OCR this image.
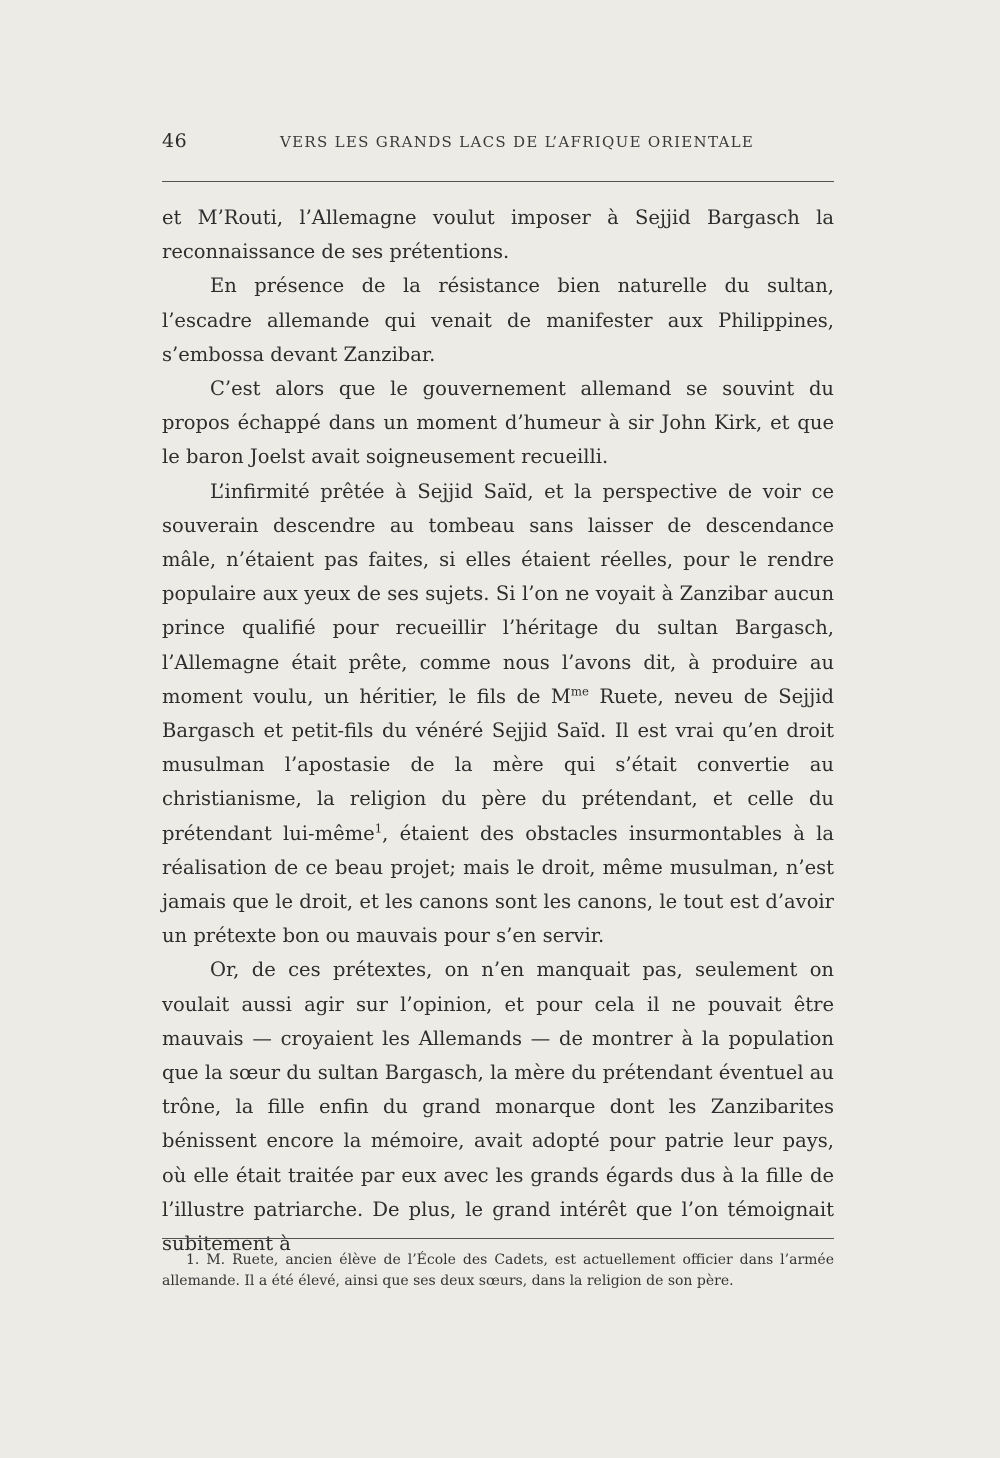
46	VERS LES GRANDS LACS DE L’AFRIQUE ORIENTALE

et M’Routi, l’Allemagne voulut imposer à Sejjid Bargasch la reconnaissance de ses prétentions.

En présence de la résistance bien naturelle du sultan, l’escadre allemande qui venait de manifester aux Philippines, s’embossa devant Zanzibar.

C’est alors que le gouvernement allemand se souvint du propos échappé dans un moment d’humeur à sir John Kirk, et que le baron Joelst avait soigneusement recueilli.

L’infirmité prêtée à Sejjid Saïd, et la perspective de voir ce souverain descendre au tombeau sans laisser de descendance mâle, n’étaient pas faites, si elles étaient réelles, pour le rendre populaire aux yeux de ses sujets. Si l’on ne voyait à Zanzibar aucun prince qualifié pour recueillir l’héritage du sultan Bargasch, l’Allemagne était prête, comme nous l’avons dit, à produire au moment voulu, un héritier, le fils de $M^{me}$ Ruete, neveu de Sejjid Bargasch et petit-fils du vénéré Sejjid Saïd. Il est vrai qu’en droit musulman l’apostasie de la mère qui s’était convertie au christianisme, la religion du père du prétendant, et celle du prétendant lui-même$^1$, étaient des obstacles insurmontables à la réalisation de ce beau projet; mais le droit, même musulman, n’est jamais que le droit, et les canons sont les canons, le tout est d’avoir un prétexte bon ou mauvais pour s’en servir.

Or, de ces prétextes, on n’en manquait pas, seulement on voulait aussi agir sur l’opinion, et pour cela il ne pouvait être mauvais — croyaient les Allemands — de montrer à la population que la sœur du sultan Bargasch, la mère du prétendant éventuel au trône, la fille enfin du grand monarque dont les Zanzibarites bénissent encore la mémoire, avait adopté pour patrie leur pays, où elle était traitée par eux avec les grands égards dus à la fille de l’illustre patriarche. De plus, le grand intérêt que l’on témoignait subitement à

1. M. Ruete, ancien élève de l’École des Cadets, est actuellement officier dans l’armée allemande. Il a été élevé, ainsi que ses deux sœurs, dans la religion de son père.
